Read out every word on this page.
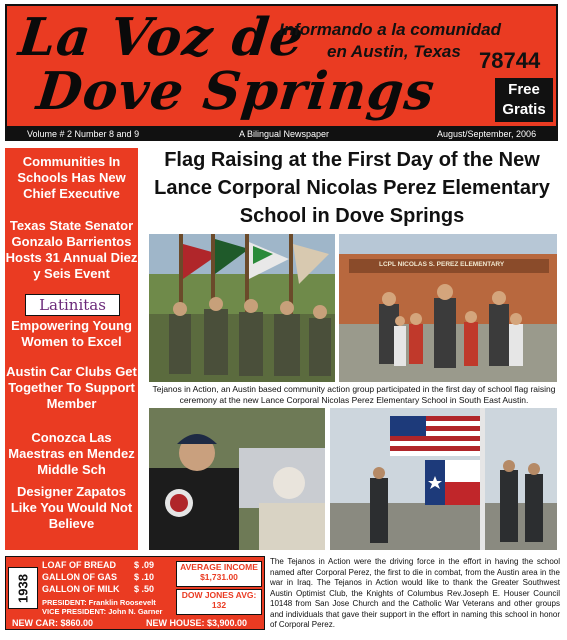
La Voz de
Dove Springs
Informando a la comunidad
en Austin, Texas 78744
Free
Gratis
Volume # 2 Number 8 and 9	A Bilingual Newspaper	August/September, 2006
Communities In Schools Has New Chief Executive
Texas State Senator Gonzalo Barrientos Hosts 31 Annual Diez y Seis Event
Latinitas
Empowering Young Women to Excel
Austin Car Clubs Get Together To Support Member
Conozca Las Maestras en Mendez Middle Sch
Designer Zapatos Like You Would Not Believe
Flag Raising at the First Day of the New Lance Corporal Nicolas Perez Elementary School in Dove Springs
LCPL NICOLAS S. PEREZ ELEMENTARY
Tejanos in Action, an Austin based community action group participated in the first day of school flag raising ceremony at the new Lance Corporal Nicolas Perez Elementary School in South East Austin.
1938
LOAF OF BREAD $ .09
GALLON OF GAS $ .10
GALLON OF MILK $ .50
PRESIDENT: Franklin Roosevelt
VICE PRESIDENT: John N. Garner
AVERAGE INCOME
$1,731.00
DOW JONES AVG:
132
NEW CAR: $860.00	NEW HOUSE: $3,900.00
The Tejanos in Action were the driving force in the effort in having the school named after Corporal Perez, the first to die in combat, from the Austin area in the war in Iraq. The Tejanos in Action would like to thank the Greater Southwest Austin Optimist Club, the Knights of Columbus Rev.Joseph E. Houser Council 10148 from San Jose Church and the Catholic War Veterans and other groups and individuals that gave their support in the effort in naming this school in honor of Corporal Perez.
